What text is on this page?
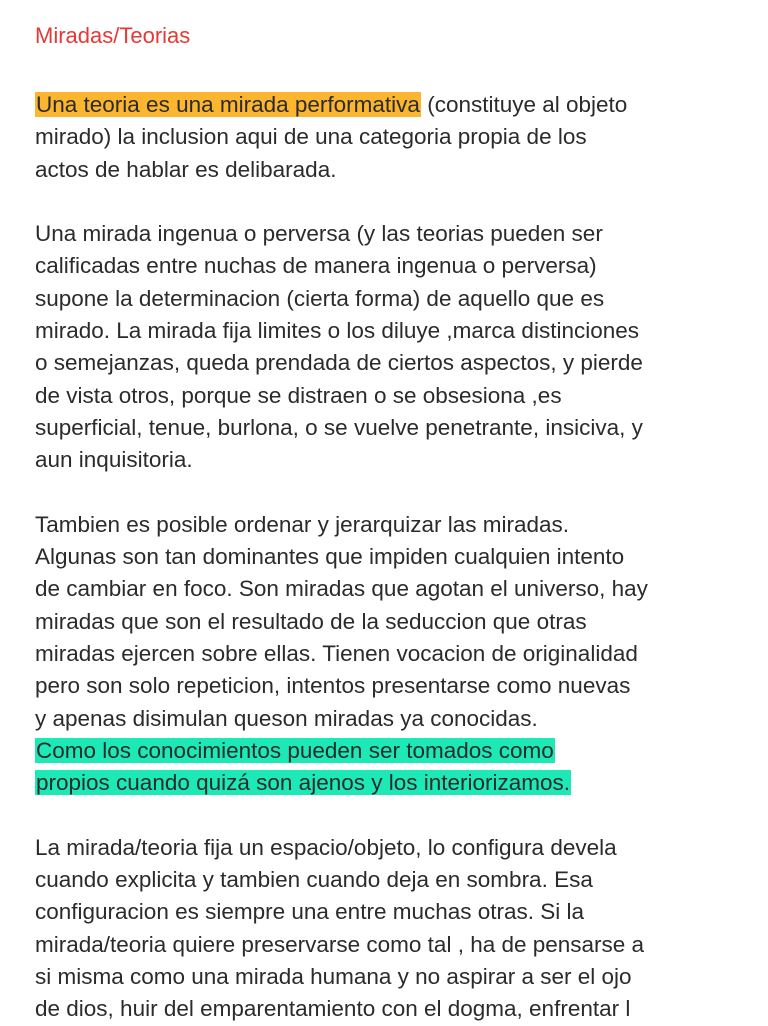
Miradas/Teorias

Una teoria es una mirada performativa (constituye al objeto
mirado) la inclusion aqui de una categoria propia de los
actos de hablar es delibarada.

Una mirada ingenua o perversa (y las teorias pueden ser
calificadas entre nuchas de manera ingenua o perversa)
supone la determinacion (cierta forma) de aquello que es
mirado. La mirada fija limites o los diluye ,marca distinciones
o semejanzas, queda prendada de ciertos aspectos, y pierde
de vista otros, porque se distraen o se obsesiona ,es
superficial, tenue, burlona, o se vuelve penetrante, insiciva, y
aun inquisitoria.

Tambien es posible ordenar y jerarquizar las miradas.
Algunas son tan dominantes que impiden cualquien intento
de cambiar en foco. Son miradas que agotan el universo, hay
miradas que son el resultado de la seduccion que otras
miradas ejercen sobre ellas. Tienen vocacion de originalidad
pero son solo repeticion, intentos presentarse como nuevas
y apenas disimulan queson miradas ya conocidas.

Como los conocimientos pueden ser tomados como
propios cuando quizá son ajenos y los interiorizamos.

La mirada/teoria fija un espacio/objeto, lo configura devela
cuando explicita y tambien cuando deja en sombra. Esa
configuracion es siempre una entre muchas otras. Si la
mirada/teoria quiere preservarse como tal , ha de pensarse a
si misma como una mirada humana y no aspirar a ser el ojo
de dios, huir del emparentamiento con el dogma, enfrentar l
